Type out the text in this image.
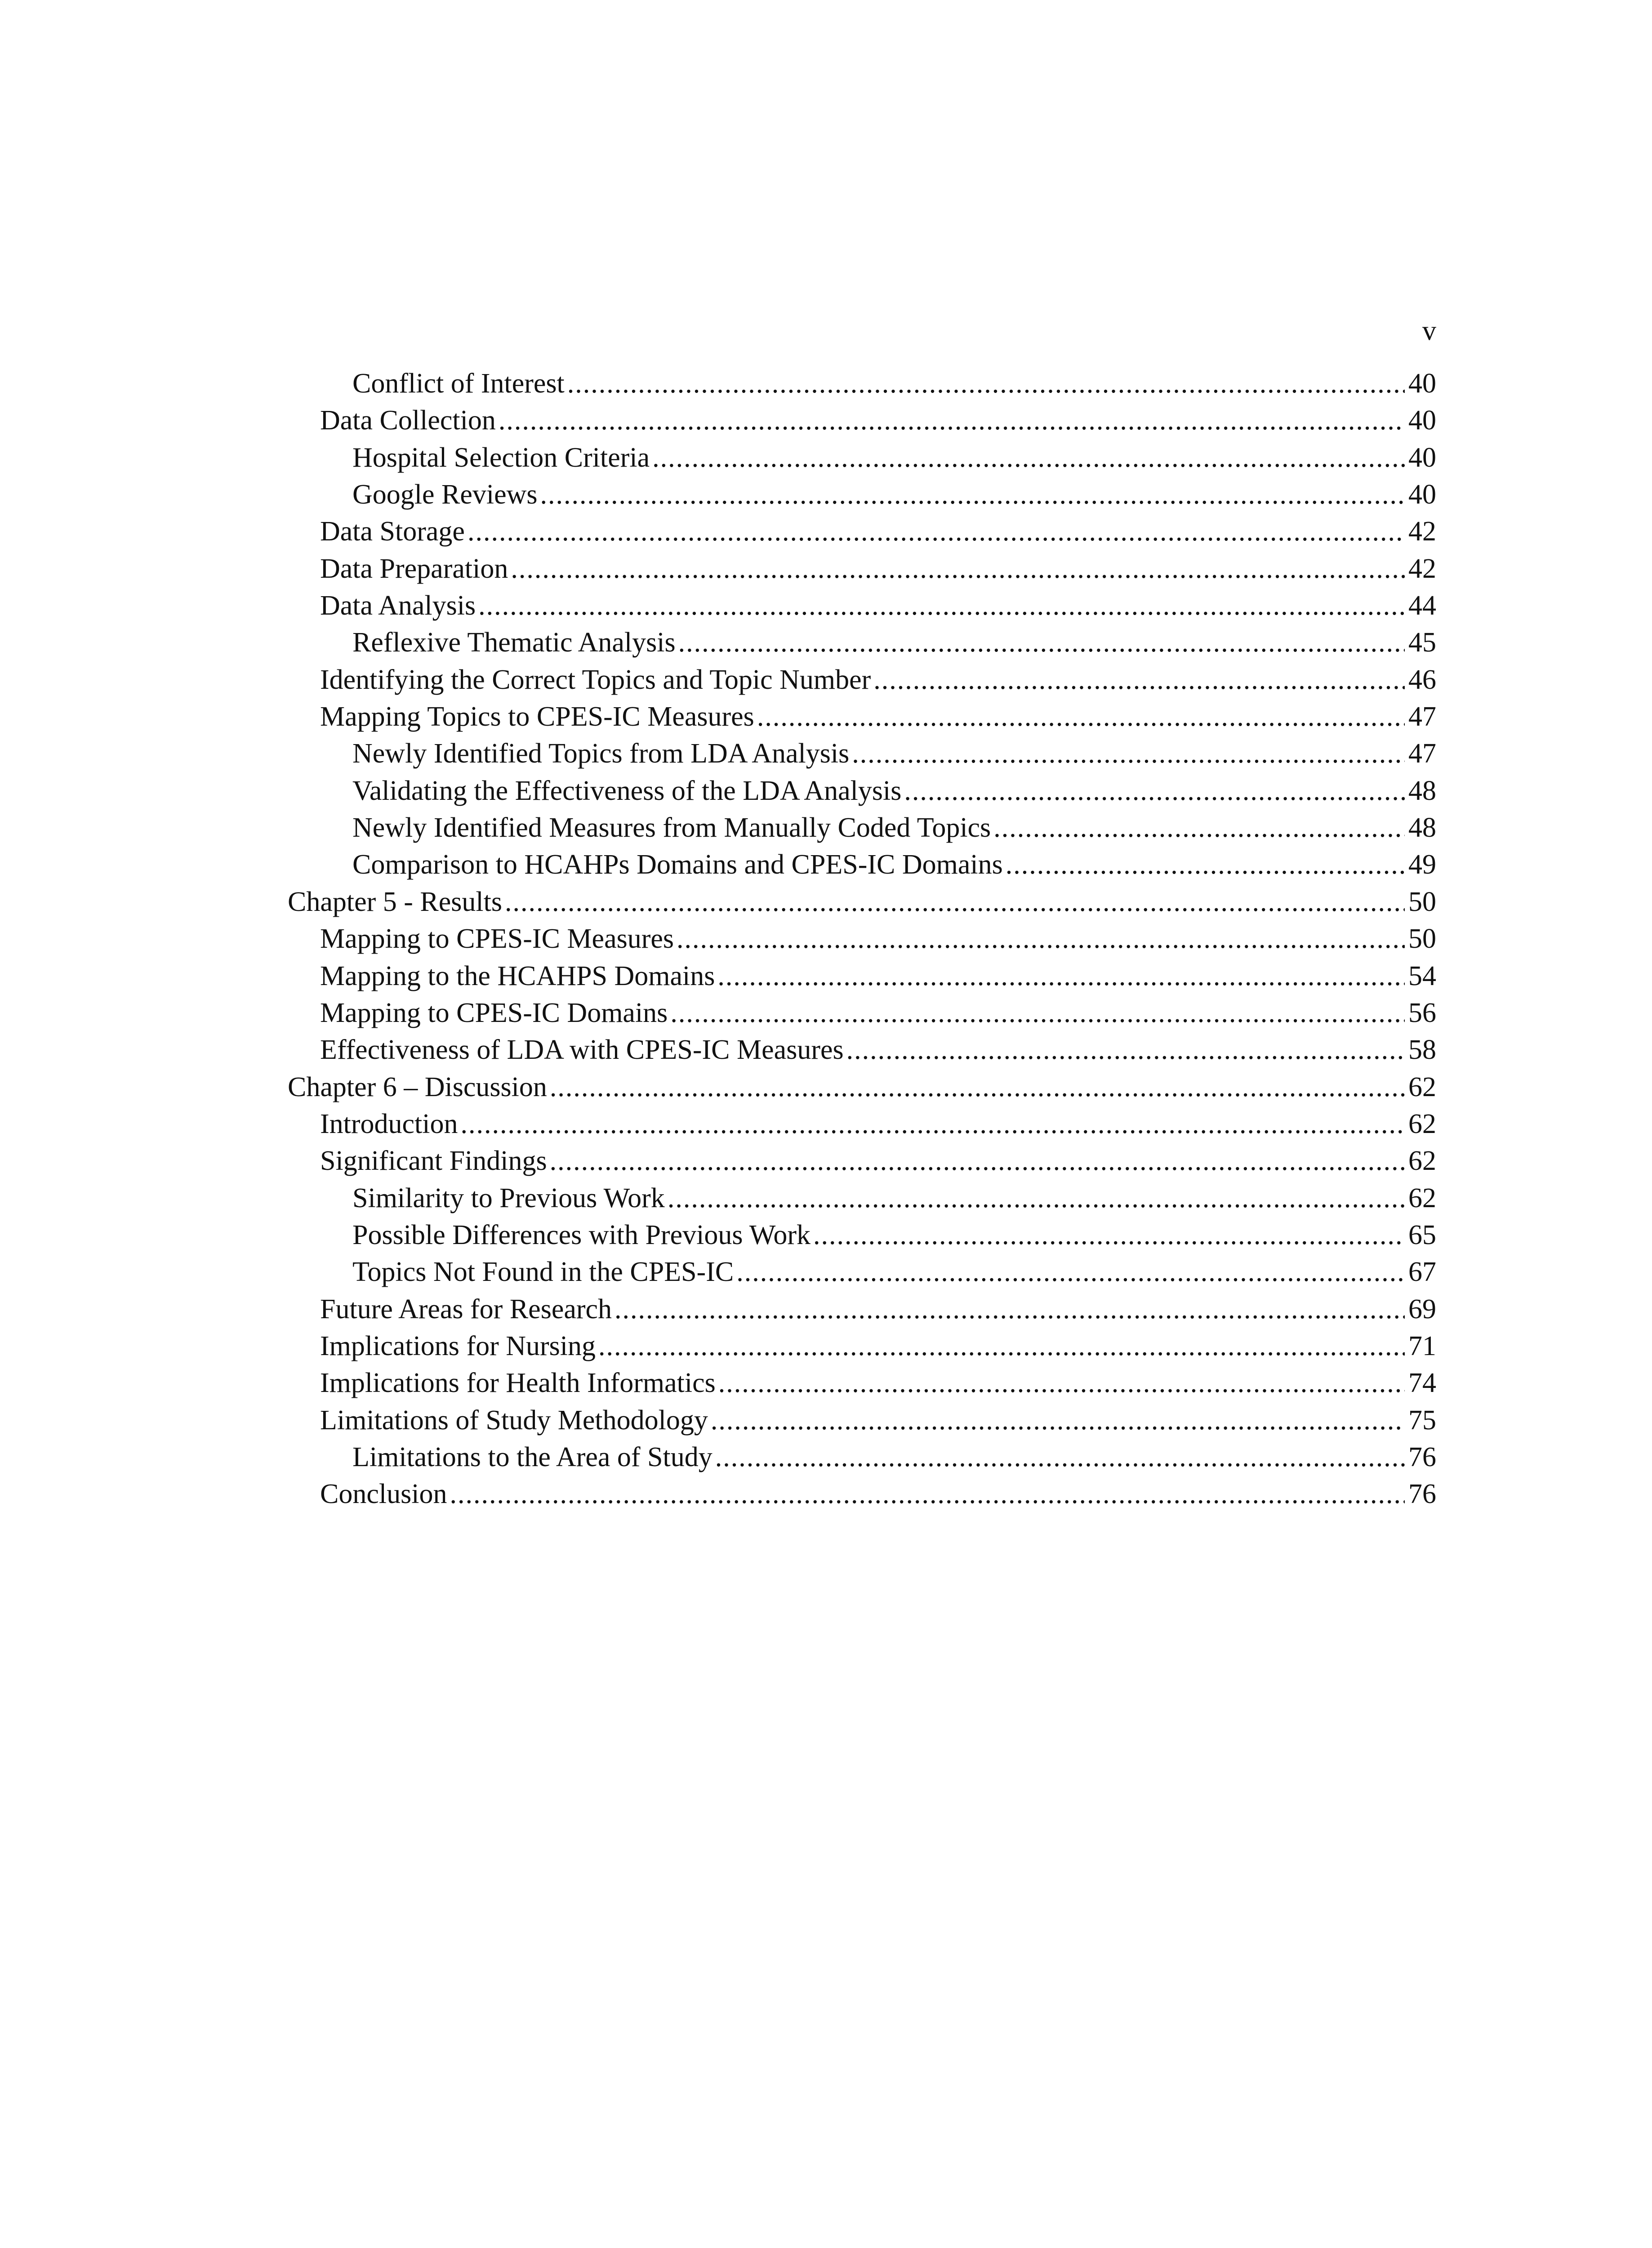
v
Conflict of Interest .....	40
Data Collection .....	40
Hospital Selection Criteria .....	40
Google Reviews .....	40
Data Storage .....	42
Data Preparation .....	42
Data Analysis .....	44
Reflexive Thematic Analysis .....	45
Identifying the Correct Topics and Topic Number .....	46
Mapping Topics to CPES-IC Measures .....	47
Newly Identified Topics from LDA Analysis .....	47
Validating the Effectiveness of the LDA Analysis .....	48
Newly Identified Measures from Manually Coded Topics .....	48
Comparison to HCAHPs Domains and CPES-IC Domains .....	49
Chapter 5 - Results .....	50
Mapping to CPES-IC Measures .....	50
Mapping to the HCAHPS Domains .....	54
Mapping to CPES-IC Domains .....	56
Effectiveness of LDA with CPES-IC Measures .....	58
Chapter 6 – Discussion .....	62
Introduction .....	62
Significant Findings .....	62
Similarity to Previous Work .....	62
Possible Differences with Previous Work .....	65
Topics Not Found in the CPES-IC .....	67
Future Areas for Research .....	69
Implications for Nursing .....	71
Implications for Health Informatics .....	74
Limitations of Study Methodology .....	75
Limitations to the Area of Study .....	76
Conclusion .....	76
